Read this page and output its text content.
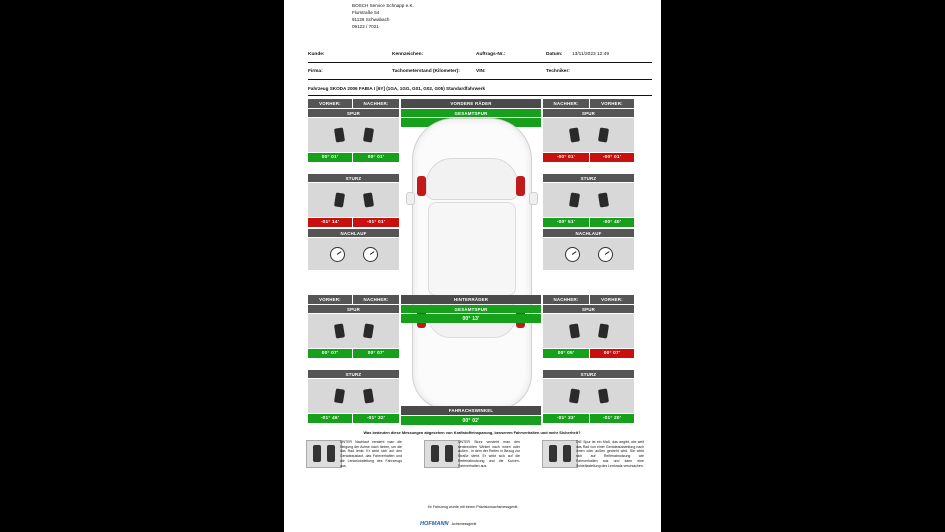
BOSCH Service Schnapp e.K.
Flurstraße 54
91126 Schwabach
09122 / 7021
Kunde:
Firma:
Kennzeichen:
Tachometerstand (Kilometer):
Auftrags-Nr.:
VIN:
Datum: 13/11/2023 12:49
Techniker:
Fahrzeug SKODA 2006 FABIA I [6Y] (1GA, 1GG, G01, G02, G05) Standardfahrwerk
VORHER:	NACHHER:	VORDERE RÄDER	NACHHER:	VORHER:
SPUR	GESAMTSPUR	SPUR
00° 01'	00° 01'	-00° 01'	-00° 01'
STURZ	STURZ
-01° 14'	-01° 01'	-00° 51'	-00° 40'
NACHLAUF	NACHLAUF
VORHER:	NACHHER:	HINTERRÄDER	NACHHER:	VORHER:
SPUR	GESAMTSPUR	SPUR
00° 13'
00° 07'	00° 07'	00° 05'	00° 07'
STURZ	STURZ
-01° 46'	-01° 32'	-01° 33'	-01° 20'
FAHRACHSWINKEL
00° 02'
Was bedeuten diese Messungen abgesehen von Kraftstoffeinsparung, besserem Fahrverhalten und mehr Sicherheit?
UNTER Nachlauf versteht man die Neigung der Achse nach hinten, um die das Rad lenkt. Er wirkt sich auf den Geradeauslauf, das Fahrverhalten und die Lenkrückstellung des Fahrzeugs aus.
UNTER Sturz versteht man den senkrechten Winkel nach innen oder außen , in dem der Reifen in Bezug zur Straße steht. Er wirkt sich auf die Reifenabnutzung und die Kurven-Fahrverhalten aus.
DIE Spur ist ein Maß, das angibt, wie weit das Rad von einer Geradeausstellung nach innen oder außen gedreht wird. Sie wirkt sich auf Reifenabnutzung wie Fahrverhalten aus und kann eine Schieflastellung des Lenkrads verursachen.
Ihr Fahrzeug wurde mit einem Präzisionsachsmessgerät
HOFMANN Achsmessgerät
